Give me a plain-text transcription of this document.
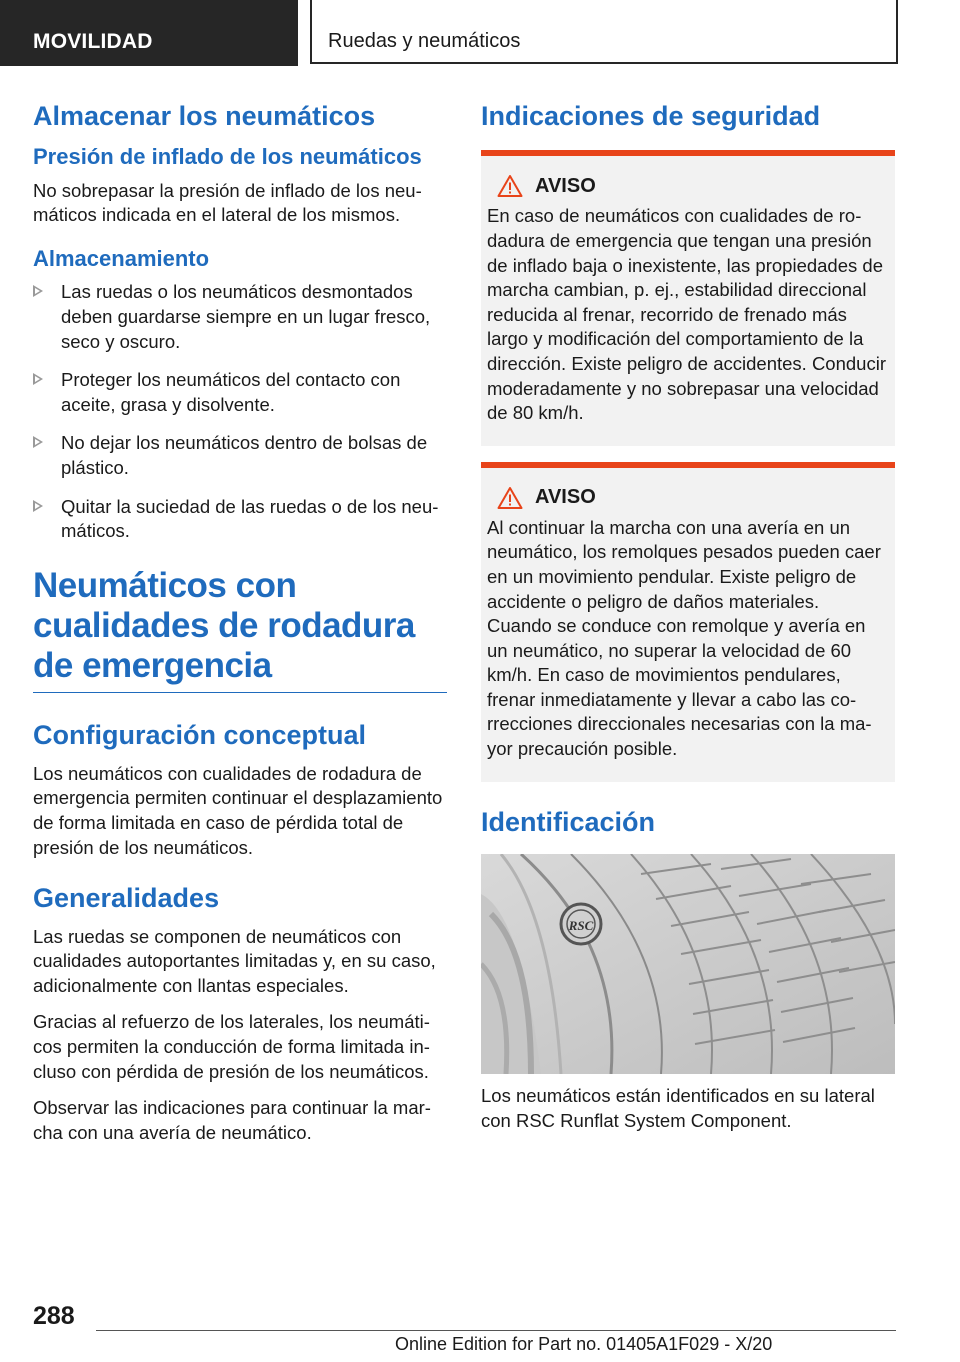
MOVILIDAD	Ruedas y neumáticos
Almacenar los neumáticos
Presión de inflado de los neumáticos

No sobrepasar la presión de inflado de los neumáticos indicada en el lateral de los mismos.

Almacenamiento
Las ruedas o los neumáticos desmontados deben guardarse siempre en un lugar fresco, seco y oscuro.
Proteger los neumáticos del contacto con aceite, grasa y disolvente.
No dejar los neumáticos dentro de bolsas de plástico.
Quitar la suciedad de las ruedas o de los neumáticos.
Neumáticos con cualidades de rodadura de emergencia
Configuración conceptual

Los neumáticos con cualidades de rodadura de emergencia permiten continuar el desplazamiento de forma limitada en caso de pérdida total de presión de los neumáticos.

Generalidades

Las ruedas se componen de neumáticos con cualidades autoportantes limitadas y, en su caso, adicionalmente con llantas especiales.

Gracias al refuerzo de los laterales, los neumáticos permiten la conducción de forma limitada incluso con pérdida de presión de los neumáticos.

Observar las indicaciones para continuar la marcha con una avería de neumático.

Indicaciones de seguridad
AVISO

En caso de neumáticos con cualidades de rodadura de emergencia que tengan una presión de inflado baja o inexistente, las propiedades de marcha cambian, p. ej., estabilidad direccional reducida al frenar, recorrido de frenado más largo y modificación del comportamiento de la dirección. Existe peligro de accidentes. Conducir moderadamente y no sobrepasar una velocidad de 80 km/h.

AVISO

Al continuar la marcha con una avería en un neumático, los remolques pesados pueden caer en un movimiento pendular. Existe peligro de accidente o peligro de daños materiales. Cuando se conduce con remolque y avería en un neumático, no superar la velocidad de 60 km/h. En caso de movimientos pendulares, frenar inmediatamente y llevar a cabo las correcciones direccionales necesarias con la mayor precaución posible.

Identificación
RSC

Los neumáticos están identificados en su lateral con RSC Runflat System Component.

288
Online Edition for Part no. 01405A1F029 - X/20
